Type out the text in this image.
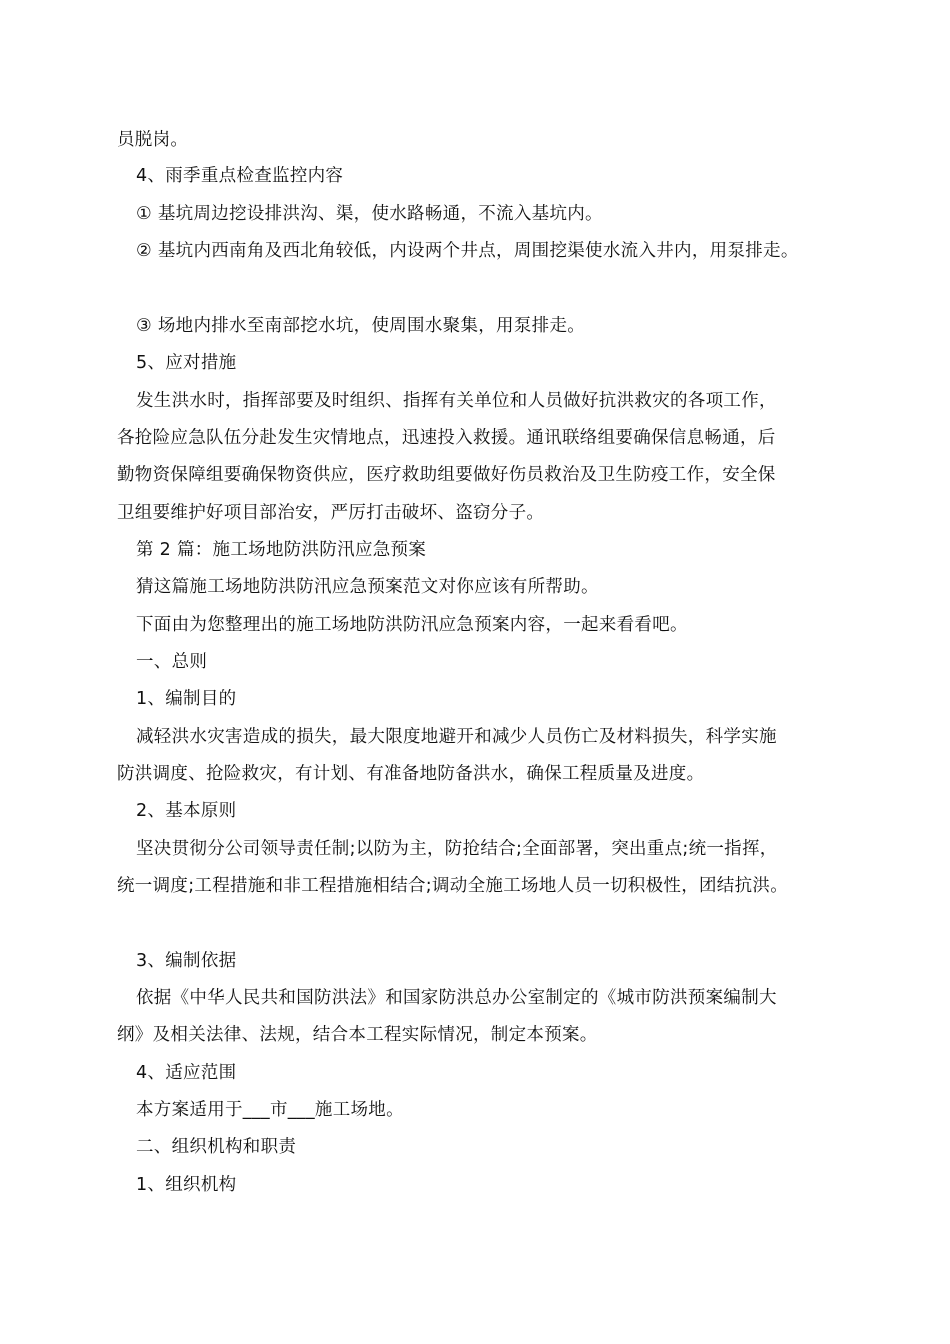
员脱岗。
4、雨季重点检查监控内容
① 基坑周边挖设排洪沟、渠，使水路畅通，不流入基坑内。
② 基坑内西南角及西北角较低，内设两个井点，周围挖渠使水流入井内，用泵排走。
③ 场地内排水至南部挖水坑，使周围水聚集，用泵排走。
5、应对措施
发生洪水时，指挥部要及时组织、指挥有关单位和人员做好抗洪救灾的各项工作，
各抢险应急队伍分赴发生灾情地点，迅速投入救援。通讯联络组要确保信息畅通，后
勤物资保障组要确保物资供应，医疗救助组要做好伤员救治及卫生防疫工作，安全保
卫组要维护好项目部治安，严厉打击破坏、盗窃分子。
第 2 篇：施工场地防洪防汛应急预案
猜这篇施工场地防洪防汛应急预案范文对你应该有所帮助。
下面由为您整理出的施工场地防洪防汛应急预案内容，一起来看看吧。
一、总则
1、编制目的
减轻洪水灾害造成的损失，最大限度地避开和减少人员伤亡及材料损失，科学实施
防洪调度、抢险救灾，有计划、有准备地防备洪水，确保工程质量及进度。
2、基本原则
坚决贯彻分公司领导责任制;以防为主，防抢结合;全面部署，突出重点;统一指挥，
统一调度;工程措施和非工程措施相结合;调动全施工场地人员一切积极性，团结抗洪。
3、编制依据
依据《中华人民共和国防洪法》和国家防洪总办公室制定的《城市防洪预案编制大
纲》及相关法律、法规，结合本工程实际情况，制定本预案。
4、适应范围
本方案适用于___市___施工场地。
二、组织机构和职责
1、组织机构
